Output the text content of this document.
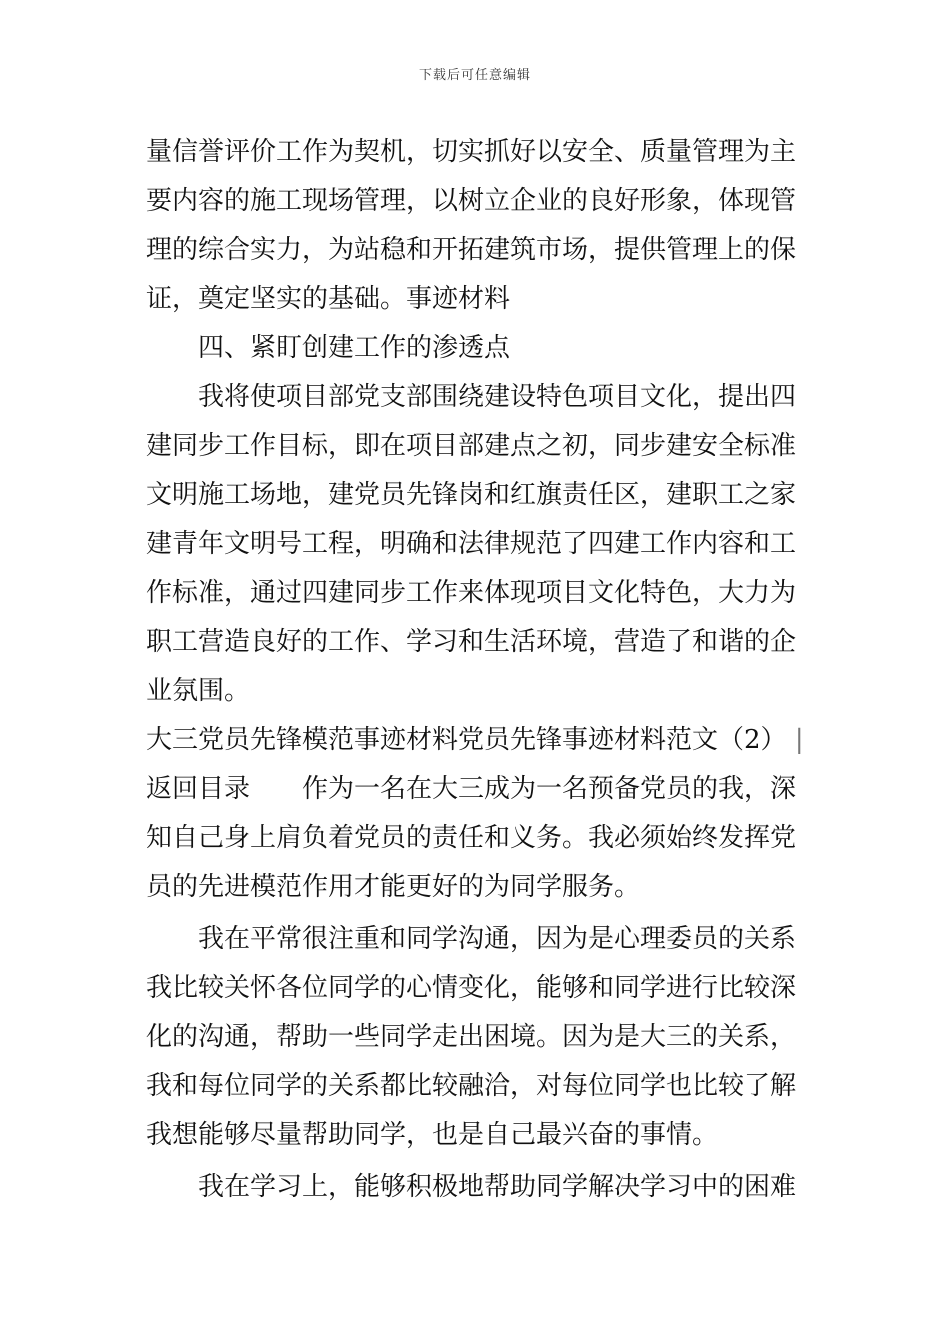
下载后可任意编辑
量信誉评价工作为契机，切实抓好以安全、质量管理为主
要内容的施工现场管理，以树立企业的良好形象，体现管
理的综合实力，为站稳和开拓建筑市场，提供管理上的保
证，奠定坚实的基础。事迹材料
四、紧盯创建工作的渗透点
我将使项目部党支部围绕建设特色项目文化，提出四
建同步工作目标，即在项目部建点之初，同步建安全标准
文明施工场地，建党员先锋岗和红旗责任区，建职工之家
建青年文明号工程，明确和法律规范了四建工作内容和工
作标准，通过四建同步工作来体现项目文化特色，大力为
职工营造良好的工作、学习和生活环境，营造了和谐的企
业氛围。
大三党员先锋模范事迹材料党员先锋事迹材料范文（2） |
返回目录 作为一名在大三成为一名预备党员的我，深
知自己身上肩负着党员的责任和义务。我必须始终发挥党
员的先进模范作用才能更好的为同学服务。
我在平常很注重和同学沟通，因为是心理委员的关系
我比较关怀各位同学的心情变化，能够和同学进行比较深
化的沟通，帮助一些同学走出困境。因为是大三的关系，
我和每位同学的关系都比较融洽，对每位同学也比较了解
我想能够尽量帮助同学，也是自己最兴奋的事情。
我在学习上，能够积极地帮助同学解决学习中的困难
